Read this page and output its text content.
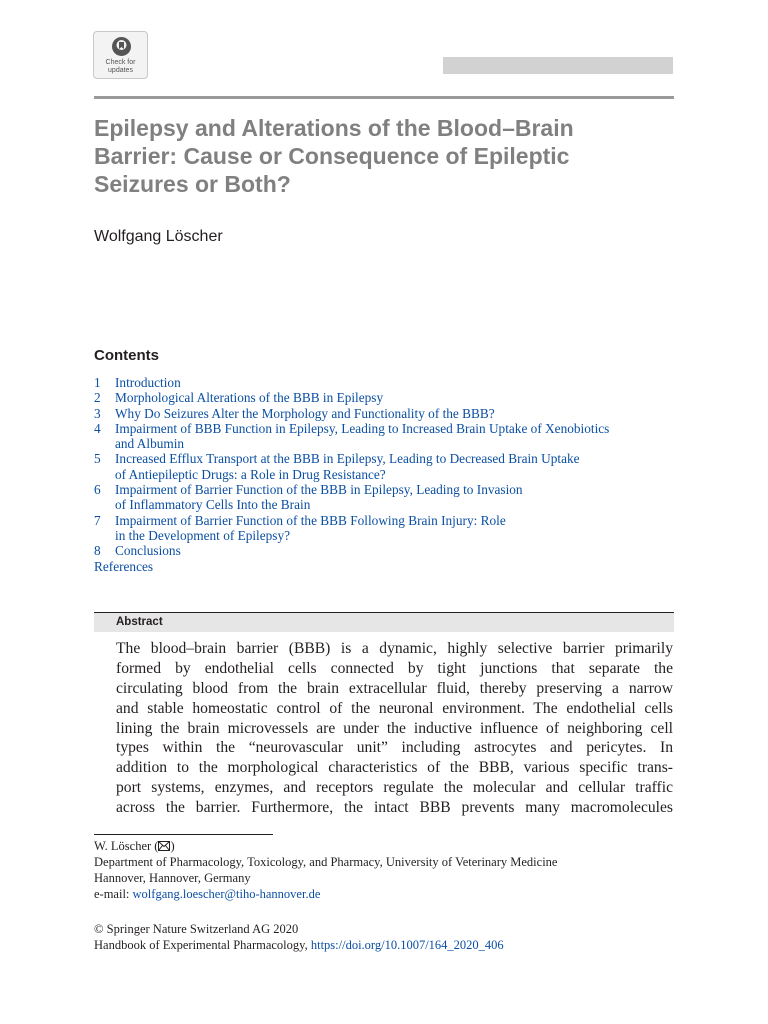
Check for
updates
Epilepsy and Alterations of the Blood–Brain
Barrier: Cause or Consequence of Epileptic
Seizures or Both?
Wolfgang Löscher
Contents
1 Introduction
2 Morphological Alterations of the BBB in Epilepsy
3 Why Do Seizures Alter the Morphology and Functionality of the BBB?
4 Impairment of BBB Function in Epilepsy, Leading to Increased Brain Uptake of Xenobiotics
and Albumin
5 Increased Efflux Transport at the BBB in Epilepsy, Leading to Decreased Brain Uptake
of Antiepileptic Drugs: a Role in Drug Resistance?
6 Impairment of Barrier Function of the BBB in Epilepsy, Leading to Invasion
of Inflammatory Cells Into the Brain
7 Impairment of Barrier Function of the BBB Following Brain Injury: Role
in the Development of Epilepsy?
8 Conclusions
References
Abstract
The blood–brain barrier (BBB) is a dynamic, highly selective barrier primarily
formed by endothelial cells connected by tight junctions that separate the
circulating blood from the brain extracellular fluid, thereby preserving a narrow
and stable homeostatic control of the neuronal environment. The endothelial cells
lining the brain microvessels are under the inductive influence of neighboring cell
types within the “neurovascular unit” including astrocytes and pericytes. In
addition to the morphological characteristics of the BBB, various specific trans-
port systems, enzymes, and receptors regulate the molecular and cellular traffic
across the barrier. Furthermore, the intact BBB prevents many macromolecules
W. Löscher ( )
Department of Pharmacology, Toxicology, and Pharmacy, University of Veterinary Medicine
Hannover, Hannover, Germany
e-mail: wolfgang.loescher@tiho-hannover.de
© Springer Nature Switzerland AG 2020
Handbook of Experimental Pharmacology, https://doi.org/10.1007/164_2020_406
